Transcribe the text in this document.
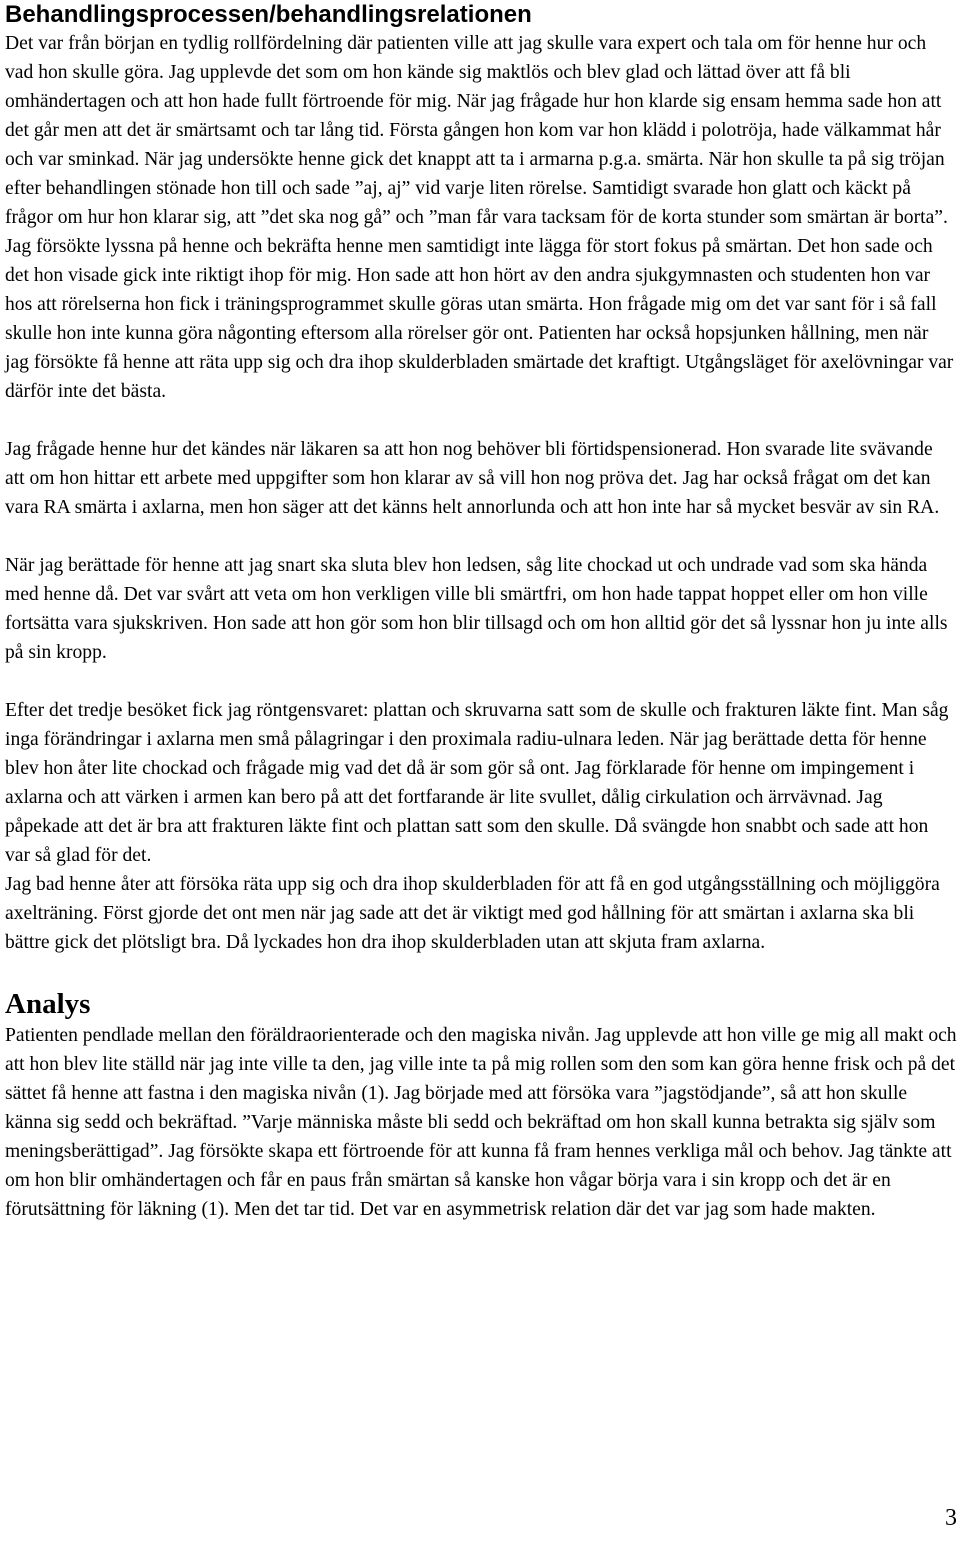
Behandlingsprocessen/behandlingsrelationen

Det var från början en tydlig rollfördelning där patienten ville att jag skulle vara expert och tala om för henne hur och vad hon skulle göra. Jag upplevde det som om hon kände sig maktlös och blev glad och lättad över att få bli omhändertagen och att hon hade fullt förtroende för mig. När jag frågade hur hon klarde sig ensam hemma sade hon att det går men att det är smärtsamt och tar lång tid. Första gången hon kom var hon klädd i polotröja, hade välkammat hår och var sminkad. När jag undersökte henne gick det knappt att ta i armarna p.g.a. smärta. När hon skulle ta på sig tröjan efter behandlingen stönade hon till och sade ”aj, aj” vid varje liten rörelse. Samtidigt svarade hon glatt och käckt på frågor om hur hon klarar sig, att ”det ska nog gå” och ”man får vara tacksam för de korta stunder som smärtan är borta”. Jag försökte lyssna på henne och bekräfta henne men samtidigt inte lägga för stort fokus på smärtan. Det hon sade och det hon visade gick inte riktigt ihop för mig. Hon sade att hon hört av den andra sjukgymnasten och studenten hon var hos att rörelserna hon fick i träningsprogrammet skulle göras utan smärta. Hon frågade mig om det var sant för i så fall skulle hon inte kunna göra någonting eftersom alla rörelser gör ont. Patienten har också hopsjunken hållning, men när jag försökte få henne att räta upp sig och dra ihop skulderbladen smärtade det kraftigt. Utgångsläget för axelövningar var därför inte det bästa.

Jag frågade henne hur det kändes när läkaren sa att hon nog behöver bli förtidspensionerad. Hon svarade lite svävande att om hon hittar ett arbete med uppgifter som hon klarar av så vill hon nog pröva det. Jag har också frågat om det kan vara RA smärta i axlarna, men hon säger att det känns helt annorlunda och att hon inte har så mycket besvär av sin RA.

När jag berättade för henne att jag snart ska sluta blev hon ledsen, såg lite chockad ut och undrade vad som ska hända med henne då. Det var svårt att veta om hon verkligen ville bli smärtfri, om hon hade tappat hoppet eller om hon ville fortsätta vara sjukskriven. Hon sade att hon gör som hon blir tillsagd och om hon alltid gör det så lyssnar hon ju inte alls på sin kropp.

Efter det tredje besöket fick jag röntgensvaret: plattan och skruvarna satt som de skulle och frakturen läkte fint. Man såg inga förändringar i axlarna men små pålagringar i den proximala radiu-ulnara leden. När jag berättade detta för henne blev hon åter lite chockad och frågade mig vad det då är som gör så ont. Jag förklarade för henne om impingement i axlarna och att värken i armen kan bero på att det fortfarande är lite svullet, dålig cirkulation och ärrvävnad. Jag påpekade att det är bra att frakturen läkte fint och plattan satt som den skulle. Då svängde hon snabbt och sade att hon var så glad för det.

Jag bad henne åter att försöka räta upp sig och dra ihop skulderbladen för att få en god utgångsställning och möjliggöra axelträning. Först gjorde det ont men när jag sade att det är viktigt med god hållning för att smärtan i axlarna ska bli bättre gick det plötsligt bra. Då lyckades hon dra ihop skulderbladen utan att skjuta fram axlarna.

Analys

Patienten pendlade mellan den föräldraorienterade och den magiska nivån. Jag upplevde att hon ville ge mig all makt och att hon blev lite ställd när jag inte ville ta den, jag ville inte ta på mig rollen som den som kan göra henne frisk och på det sättet få henne att fastna i den magiska nivån (1). Jag började med att försöka vara ”jagstödjande”, så att hon skulle känna sig sedd och bekräftad. ”Varje människa måste bli sedd och bekräftad om hon skall kunna betrakta sig själv som meningsberättigad”. Jag försökte skapa ett förtroende för att kunna få fram hennes verkliga mål och behov. Jag tänkte att om hon blir omhändertagen och får en paus från smärtan så kanske hon vågar börja vara i sin kropp och det är en förutsättning för läkning (1). Men det tar tid. Det var en asymmetrisk relation där det var jag som hade makten.

3
